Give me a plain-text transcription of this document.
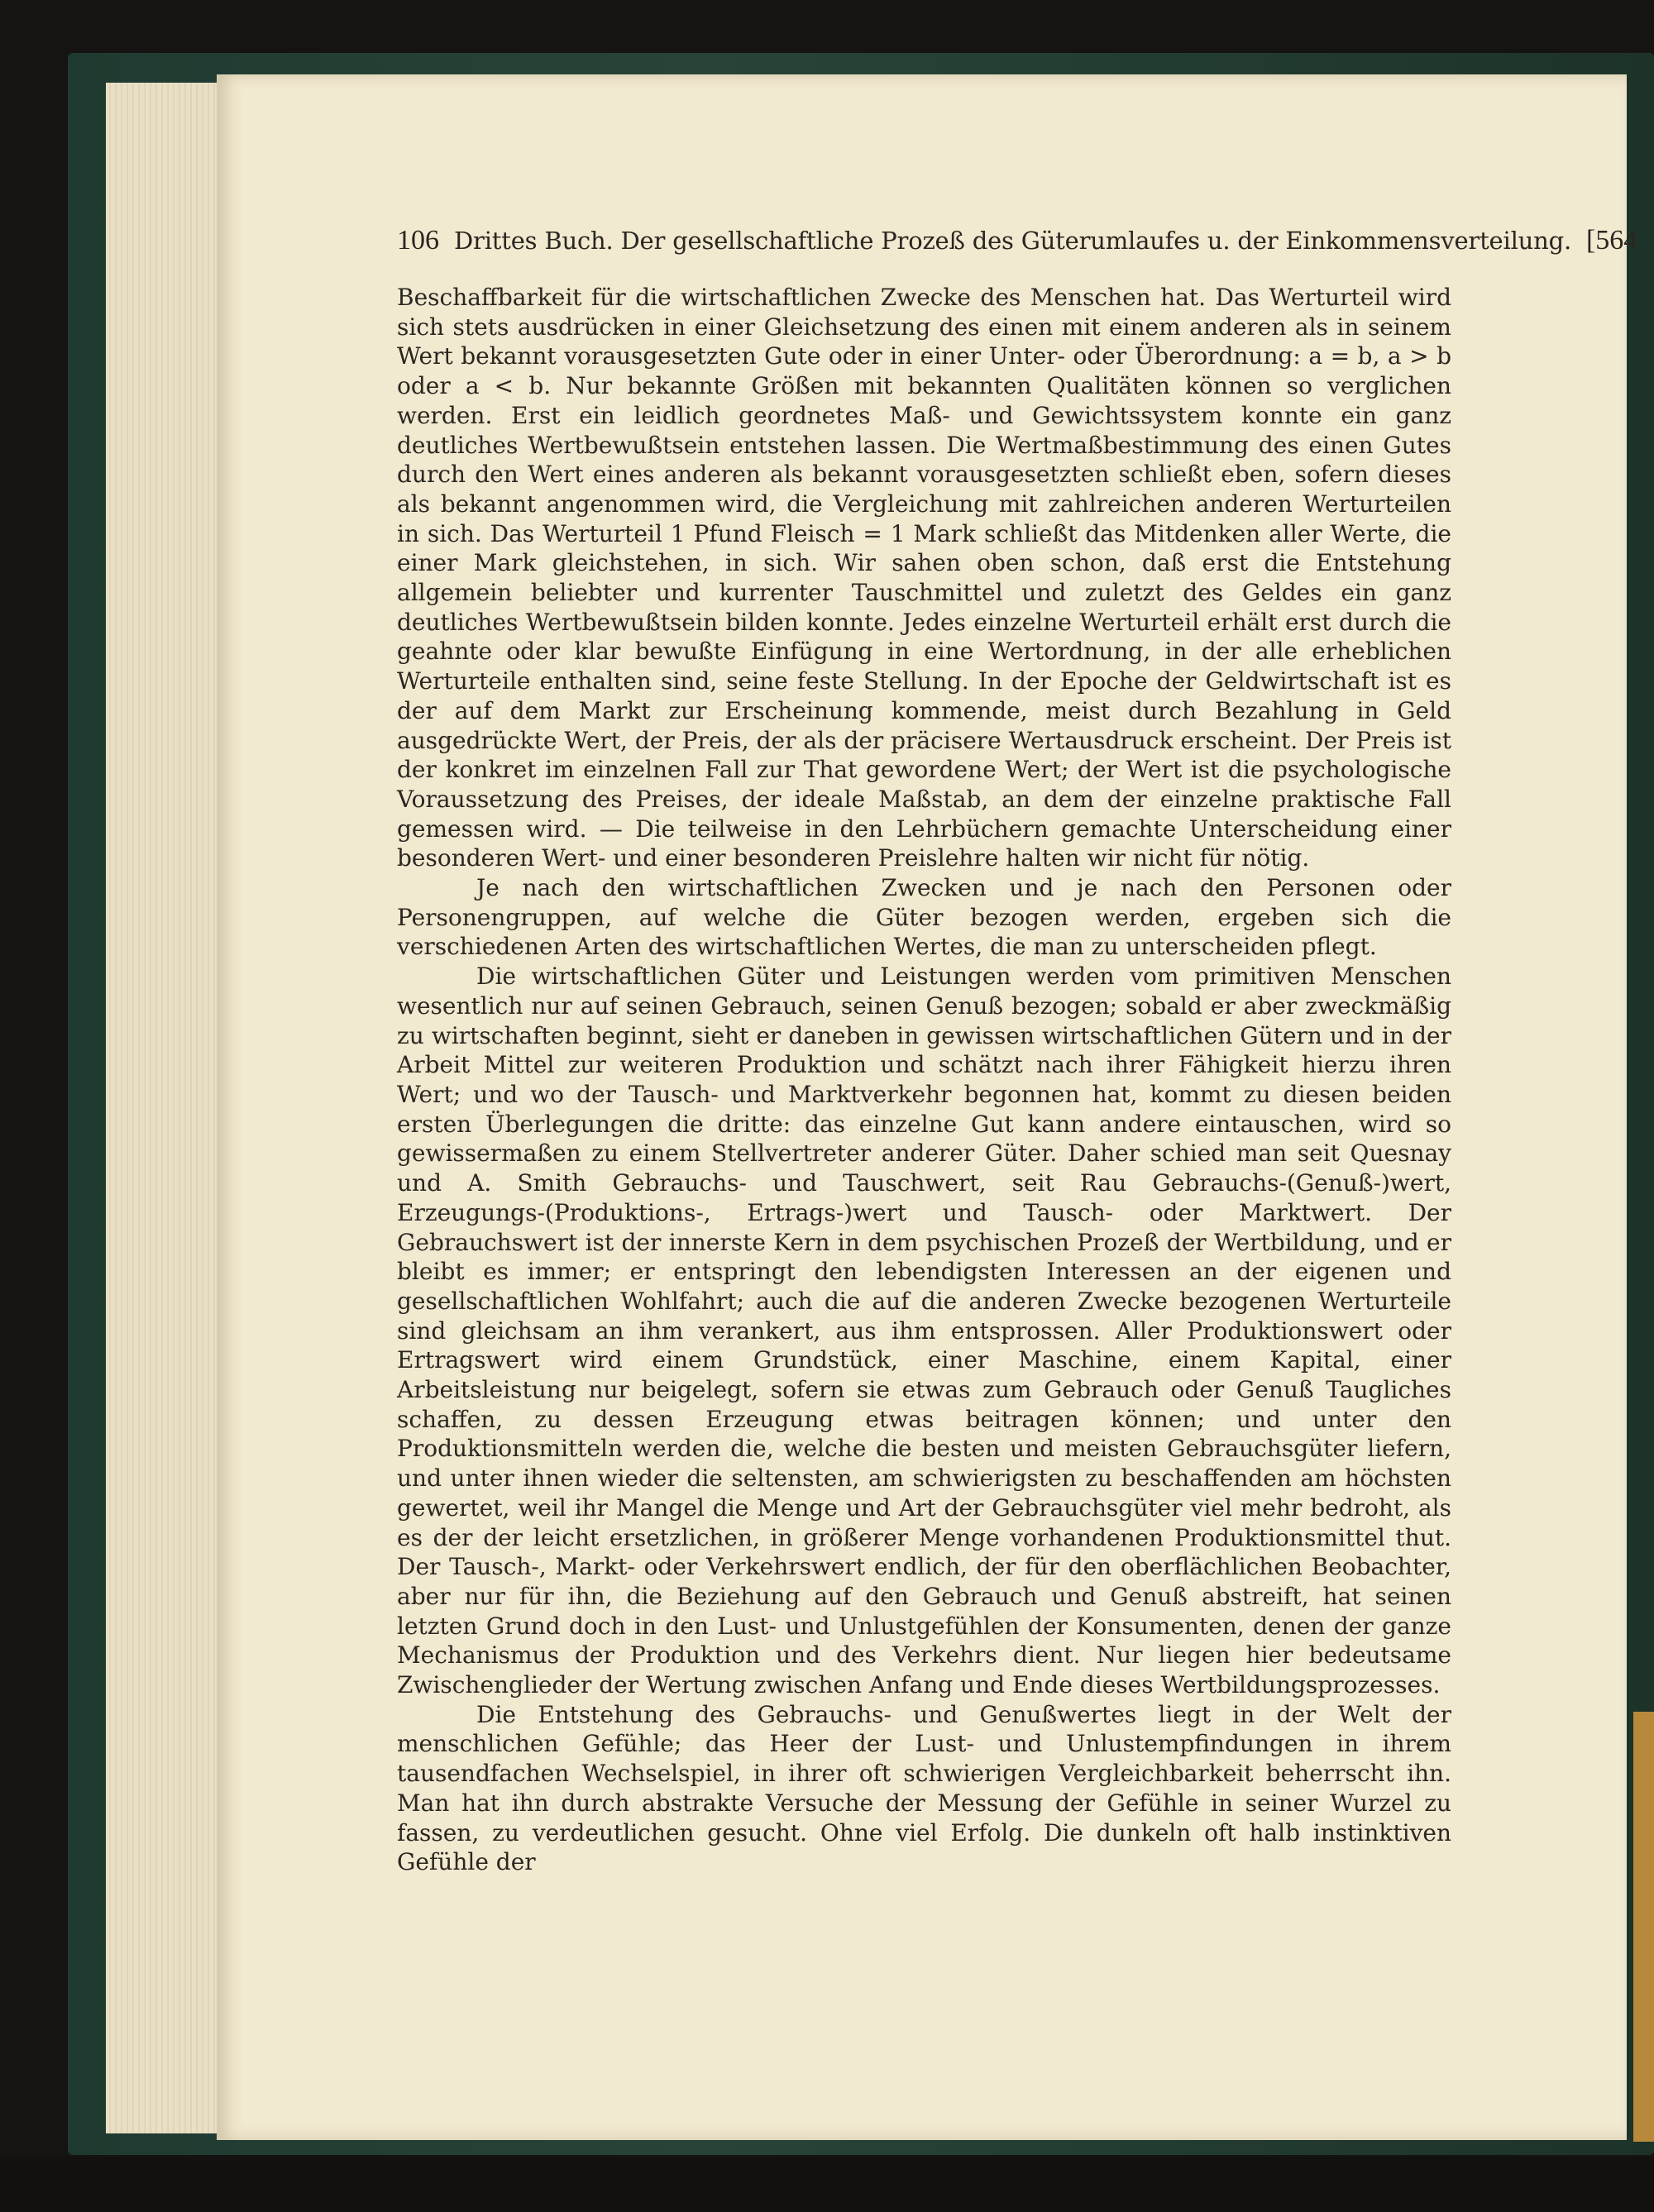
106 Drittes Buch. Der gesellschaftliche Prozeß des Güterumlaufes u. der Einkommensverteilung. [564

Beschaffbarkeit für die wirtschaftlichen Zwecke des Menschen hat. Das Werturteil wird sich stets ausdrücken in einer Gleichsetzung des einen mit einem anderen als in seinem Wert bekannt vorausgesetzten Gute oder in einer Unter- oder Überordnung: a = b, a > b oder a < b. Nur bekannte Größen mit bekannten Qualitäten können so verglichen werden. Erst ein leidlich geordnetes Maß- und Gewichtssystem konnte ein ganz deutliches Wertbewußtsein entstehen lassen. Die Wertmaßbestimmung des einen Gutes durch den Wert eines anderen als bekannt vorausgesetzten schließt eben, sofern dieses als bekannt angenommen wird, die Vergleichung mit zahlreichen anderen Werturteilen in sich. Das Werturteil 1 Pfund Fleisch = 1 Mark schließt das Mitdenken aller Werte, die einer Mark gleichstehen, in sich. Wir sahen oben schon, daß erst die Entstehung allgemein beliebter und kurrenter Tauschmittel und zuletzt des Geldes ein ganz deutliches Wertbewußtsein bilden konnte. Jedes einzelne Werturteil erhält erst durch die geahnte oder klar bewußte Einfügung in eine Wertordnung, in der alle erheblichen Werturteile enthalten sind, seine feste Stellung. In der Epoche der Geldwirtschaft ist es der auf dem Markt zur Erscheinung kommende, meist durch Bezahlung in Geld ausgedrückte Wert, der Preis, der als der präcisere Wertausdruck erscheint. Der Preis ist der konkret im einzelnen Fall zur That gewordene Wert; der Wert ist die psychologische Voraussetzung des Preises, der ideale Maßstab, an dem der einzelne praktische Fall gemessen wird. — Die teilweise in den Lehrbüchern gemachte Unterscheidung einer besonderen Wert- und einer besonderen Preislehre halten wir nicht für nötig.

Je nach den wirtschaftlichen Zwecken und je nach den Personen oder Personengruppen, auf welche die Güter bezogen werden, ergeben sich die verschiedenen Arten des wirtschaftlichen Wertes, die man zu unterscheiden pflegt.

Die wirtschaftlichen Güter und Leistungen werden vom primitiven Menschen wesentlich nur auf seinen Gebrauch, seinen Genuß bezogen; sobald er aber zweckmäßig zu wirtschaften beginnt, sieht er daneben in gewissen wirtschaftlichen Gütern und in der Arbeit Mittel zur weiteren Produktion und schätzt nach ihrer Fähigkeit hierzu ihren Wert; und wo der Tausch- und Marktverkehr begonnen hat, kommt zu diesen beiden ersten Überlegungen die dritte: das einzelne Gut kann andere eintauschen, wird so gewissermaßen zu einem Stellvertreter anderer Güter. Daher schied man seit Quesnay und A. Smith Gebrauchs- und Tauschwert, seit Rau Gebrauchs-(Genuß-)wert, Erzeugungs-(Produktions-, Ertrags-)wert und Tausch- oder Marktwert. Der Gebrauchswert ist der innerste Kern in dem psychischen Prozeß der Wertbildung, und er bleibt es immer; er entspringt den lebendigsten Interessen an der eigenen und gesellschaftlichen Wohlfahrt; auch die auf die anderen Zwecke bezogenen Werturteile sind gleichsam an ihm verankert, aus ihm entsprossen. Aller Produktionswert oder Ertragswert wird einem Grundstück, einer Maschine, einem Kapital, einer Arbeitsleistung nur beigelegt, sofern sie etwas zum Gebrauch oder Genuß Taugliches schaffen, zu dessen Erzeugung etwas beitragen können; und unter den Produktionsmitteln werden die, welche die besten und meisten Gebrauchsgüter liefern, und unter ihnen wieder die seltensten, am schwierigsten zu beschaffenden am höchsten gewertet, weil ihr Mangel die Menge und Art der Gebrauchsgüter viel mehr bedroht, als es der der leicht ersetzlichen, in größerer Menge vorhandenen Produktionsmittel thut. Der Tausch-, Markt- oder Verkehrswert endlich, der für den oberflächlichen Beobachter, aber nur für ihn, die Beziehung auf den Gebrauch und Genuß abstreift, hat seinen letzten Grund doch in den Lust- und Unlustgefühlen der Konsumenten, denen der ganze Mechanismus der Produktion und des Verkehrs dient. Nur liegen hier bedeutsame Zwischenglieder der Wertung zwischen Anfang und Ende dieses Wertbildungsprozesses.

Die Entstehung des Gebrauchs- und Genußwertes liegt in der Welt der menschlichen Gefühle; das Heer der Lust- und Unlustempfindungen in ihrem tausendfachen Wechselspiel, in ihrer oft schwierigen Vergleichbarkeit beherrscht ihn. Man hat ihn durch abstrakte Versuche der Messung der Gefühle in seiner Wurzel zu fassen, zu verdeutlichen gesucht. Ohne viel Erfolg. Die dunkeln oft halb instinktiven Gefühle der
